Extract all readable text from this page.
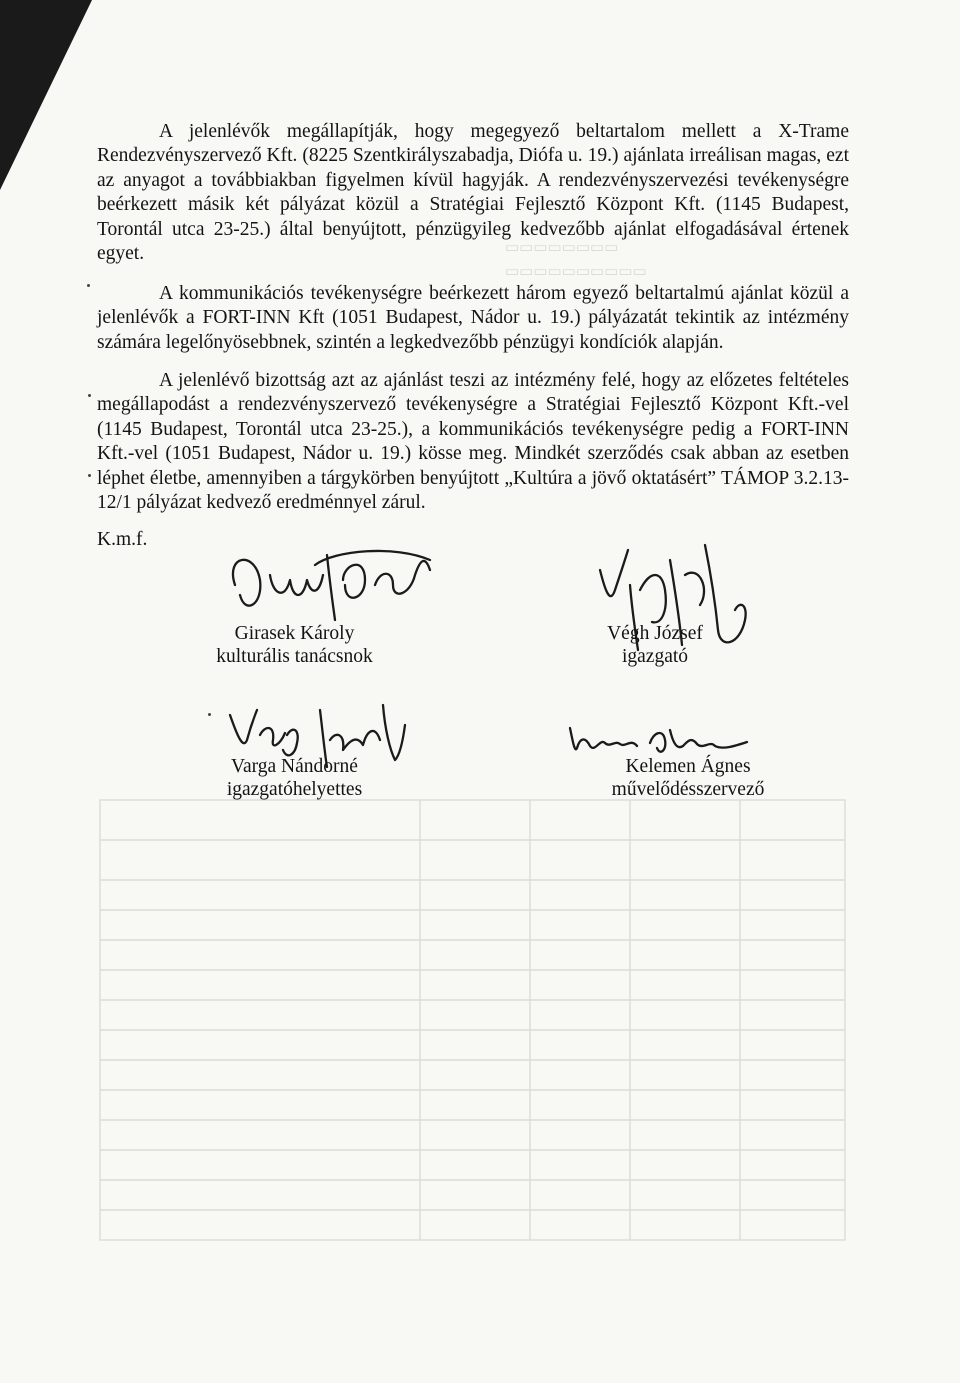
▭▭▭▭▭▭▭▭
▭▭▭▭▭▭▭▭▭▭

A jelenlévők megállapítják, hogy megegyező beltartalom mellett a X-Trame Rendezvényszervező Kft. (8225 Szentkirályszabadja, Diófa u. 19.) ajánlata irreálisan magas, ezt az anyagot a továbbiakban figyelmen kívül hagyják. A rendezvényszervezési tevékenységre beérkezett másik két pályázat közül a Stratégiai Fejlesztő Központ Kft. (1145 Budapest, Torontál utca 23-25.) által benyújtott, pénzügyileg kedvezőbb ajánlat elfogadásával értenek egyet.

A kommunikációs tevékenységre beérkezett három egyező beltartalmú ajánlat közül a jelenlévők a FORT-INN Kft (1051 Budapest, Nádor u. 19.) pályázatát tekintik az intézmény számára legelőnyösebbnek, szintén a legkedvezőbb pénzügyi kondíciók alapján.

A jelenlévő bizottság azt az ajánlást teszi az intézmény felé, hogy az előzetes feltételes megállapodást a rendezvényszervező tevékenységre a Stratégiai Fejlesztő Központ Kft.-vel (1145 Budapest, Torontál utca 23-25.), a kommunikációs tevékenységre pedig a FORT-INN Kft.-vel (1051 Budapest, Nádor u. 19.) kösse meg. Mindkét szerződés csak abban az esetben léphet életbe, amennyiben a tárgykörben benyújtott „Kultúra a jövő oktatásért” TÁMOP 3.2.13-12/1 pályázat kedvező eredménnyel zárul.

K.m.f.
Girasek Károly
kulturális tanácsnok
Végh József
igazgató
Varga Nándorné
igazgatóhelyettes
Kelemen Ágnes
művelődésszervező
